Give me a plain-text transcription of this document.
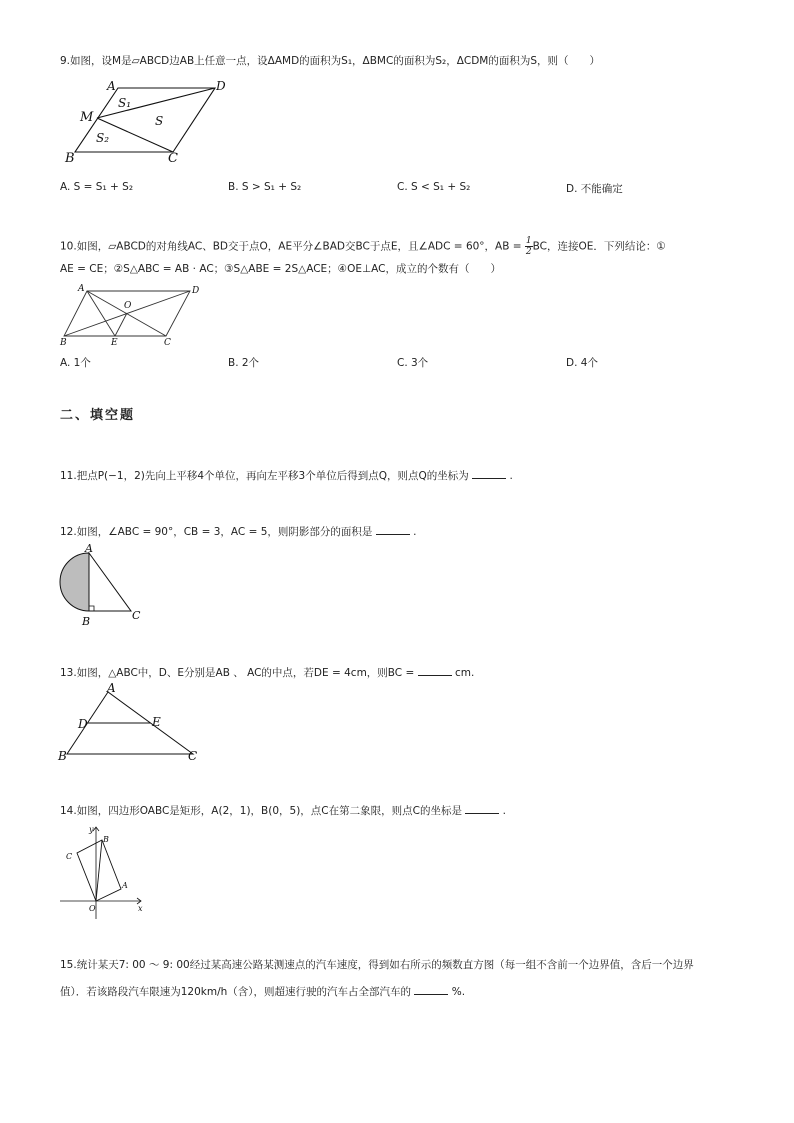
9.如图，设M是▱ABCD边AB上任意一点，设ΔAMD的面积为S₁，ΔBMC的面积为S₂，ΔCDM的面积为S，则（　　）
A	D
M
S₁
S
S₂
B	C
A. S = S₁ + S₂	B. S > S₁ + S₂	C. S < S₁ + S₂	D. 不能确定
10.如图，▱ABCD的对角线AC、BD交于点O，AE平分∠BAD交BC于点E，且∠ADC = 60°，AB = $\frac{1}{2}$ BC，连接OE．下列结论：①
AE = CE；②S△ABC = AB · AC；③S△ABE = 2S△ACE；④OE⊥AC，成立的个数有（　　）
A	D
O
B	E	C
A. 1个	B. 2个	C. 3个	D. 4个
二、填空题
11.把点P(−1，2)先向上平移4个单位，再向左平移3个单位后得到点Q，则点Q的坐标为	.
12.如图，∠ABC = 90°，CB = 3，AC = 5，则阴影部分的面积是	.
A
B	C
13.如图，△ABC中，D、E分别是AB 、 AC的中点，若DE = 4cm，则BC =	cm.
A
D	E
B	C
14.如图，四边形OABC是矩形，A(2，1)，B(0，5)，点C在第二象限，则点C的坐标是	.
y
B
C
A
O	x
15.统计某天7: 00 ～ 9: 00经过某高速公路某测速点的汽车速度，得到如右所示的频数直方图（每一组不含前一个边界值，含后一个边界
值）．若该路段汽车限速为120km/h（含），则超速行驶的汽车占全部汽车的	%.
